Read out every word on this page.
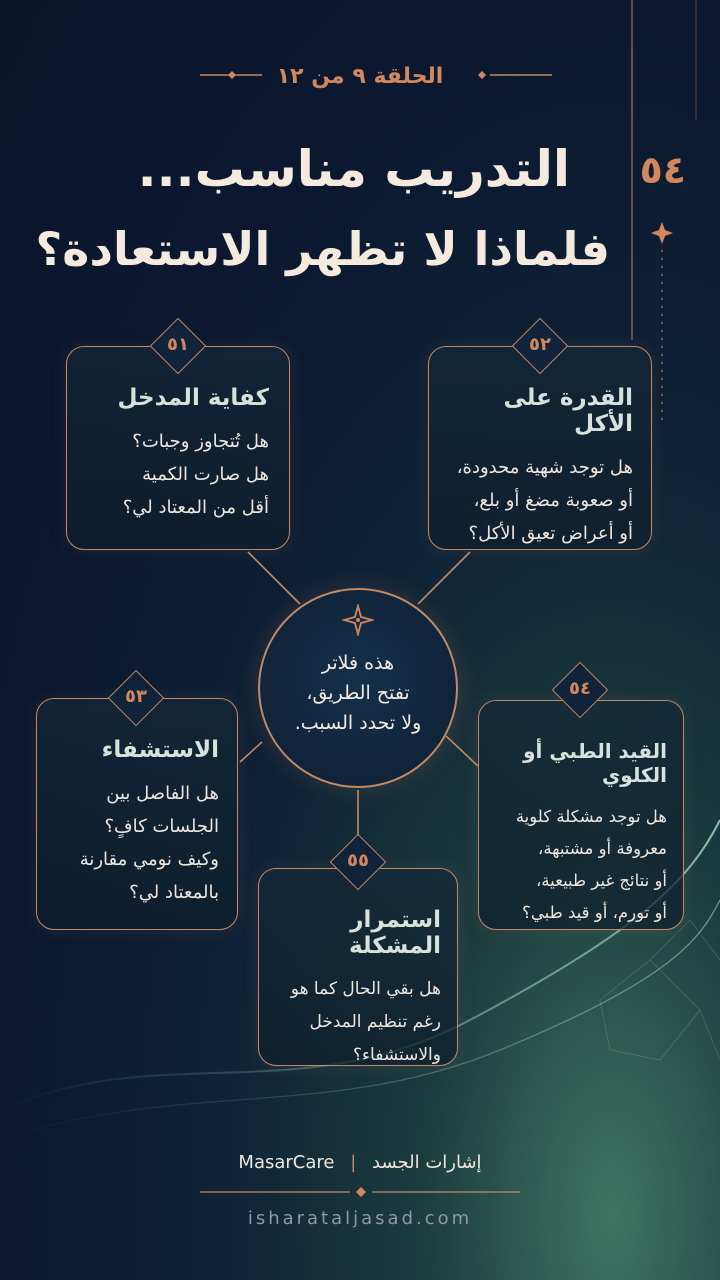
الحلقة ٩ من ١٢
٥٤
التدريب مناسب...
فلماذا لا تظهر الاستعادة؟
كفاية المدخل
هل تُتجاوز وجبات؟
هل صارت الكمية
أقل من المعتاد لي؟
٥١
القدرة على الأكل
هل توجد شهية محدودة،
أو صعوبة مضغ أو بلع،
أو أعراض تعيق الأكل؟
٥٢
هذه فلاتر
تفتح الطريق،
ولا تحدد السبب.
الاستشفاء
هل الفاصل بين
الجلسات كافٍ؟
وكيف نومي مقارنة
بالمعتاد لي؟
٥٣
القيد الطبي أو الكلوي
هل توجد مشكلة كلوية
معروفة أو مشتبهة،
أو نتائج غير طبيعية،
أو تورم، أو قيد طبي؟
٥٤
استمرار المشكلة
هل بقي الحال كما هو
رغم تنظيم المدخل
والاستشفاء؟
٥٥
إشارات الجسد | MasarCare
isharataljasad.com
